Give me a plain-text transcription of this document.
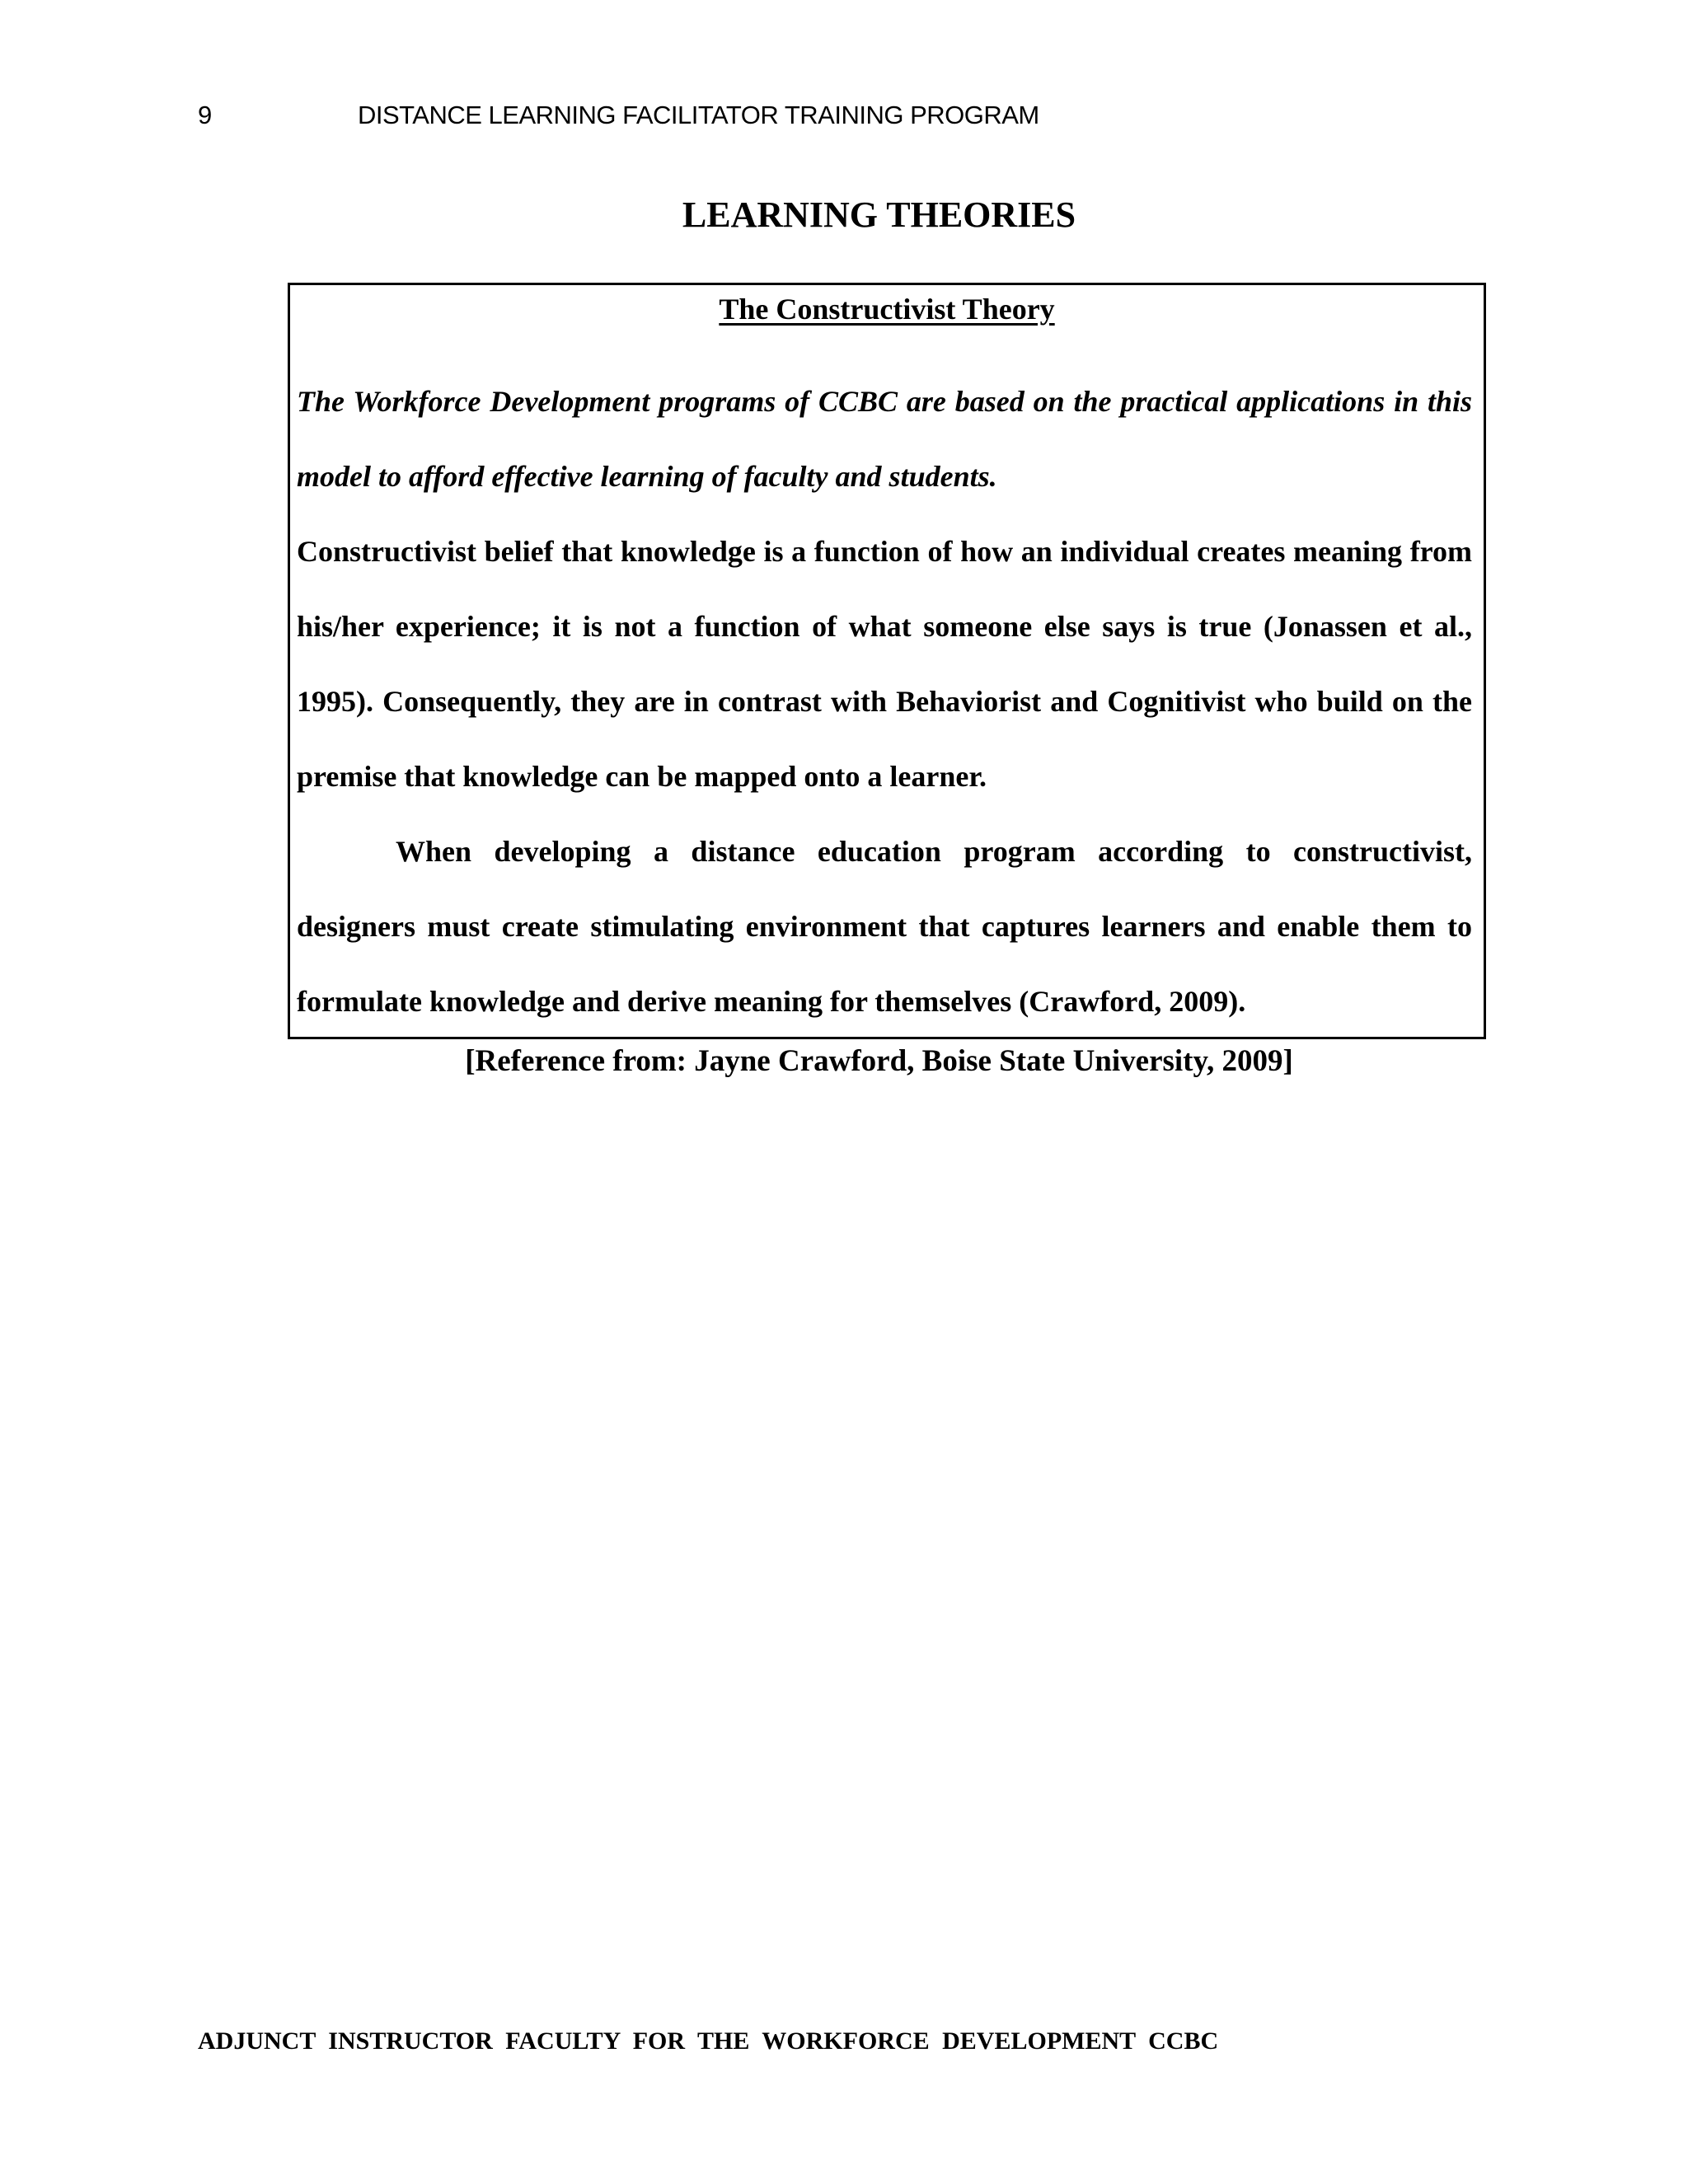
9	DISTANCE LEARNING FACILITATOR TRAINING PROGRAM
LEARNING THEORIES
The Constructivist Theory

The Workforce Development programs of CCBC are based on the practical applications in this model to afford effective learning of faculty and students.

Constructivist belief that knowledge is a function of how an individual creates meaning from his/her experience; it is not a function of what someone else says is true (Jonassen et al., 1995). Consequently, they are in contrast with Behaviorist and Cognitivist who build on the premise that knowledge can be mapped onto a learner.

When developing a distance education program according to constructivist, designers must create stimulating environment that captures learners and enable them to formulate knowledge and derive meaning for themselves (Crawford, 2009).

[Reference from: Jayne Crawford, Boise State University, 2009]
ADJUNCT INSTRUCTOR FACULTY FOR THE WORKFORCE DEVELOPMENT CCBC
